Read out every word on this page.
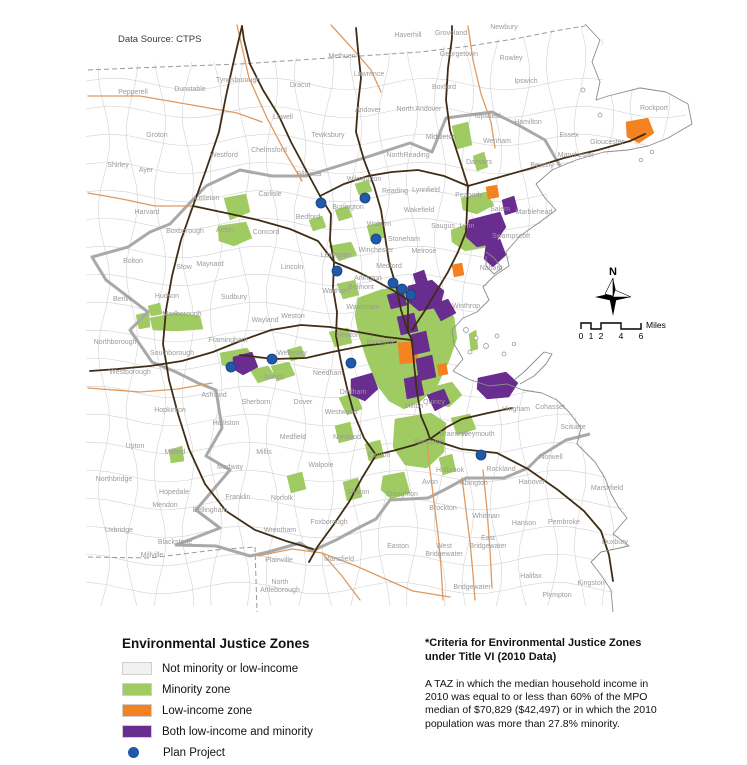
Pepperell	Dunstable
Tyngsborough
Dracut
Lowell
Groton
Westford
Chelmsford
Shirley
Ayer
Harvard
Littleton
Boxborough Acton
Carlisle
Concord
Bedford
Billerica
Tewksbury
Wilmington
Burlington
Woburn
Reading
NorthReading
Lynnfield
Wakefield
Stoneham
Winchester	Melrose
Medford
Methuen
Haverhill
Lawrence
Andover North Andover
Boxford
Georgetown
Groveland
Newbury
Rowley
Ipswich
Topsfield
Middleton
Danvers
Wenham
Hamilton
Peabody
Salem Marblehead
Swampscott
Beverly
Manchester
Essex
Gloucester
Rockport
Saugus Lynn
Nahant
Winthrop
Bolton
Stow Maynard	Lincoln
Lexington
Arlington
Belmont
Waltham
Watertown
Berlin	Hudson	Sudbury
Wayland
Weston
Marlborough
Northborough
Southborough
Westborough
Framingham
Natick
Wellesley
Newton
Brookline
Needham
Dedham
Dover
Sherborn
Ashland
Hopkinton
Holliston
Milford
Upton
Northbridge
Mendon
Hopedale
Uxbridge
Millville
Blackstone
Bellingham
Medway
Millis
Medfield
Franklin	Norfolk
Wrentham
Plainville
Foxborough
Mansfield
North Attleborough
Easton
Walpole
Norwood
Westwood
Canton
Sharon Stoughton
Milton
Quincy
Randolph
Braintree
Weymouth
Holbrook
Avon	Abington
Rockland
Brockton
Whitman
West Bridgewater
East Bridgewater
Bridgewater
Hanson
Hanover
Norwell
Hingham Cohasset
Scituate
Marshfield
Pembroke
Duxbury
Kingston
Halifax
Plympton
N
0 1 2 4 6
Miles
Data Source: CTPS
Environmental Justice Zones
Not minority or low-income
Minority zone
Low-income zone
Both low-income and minority
Plan Project
*Criteria for Environmental Justice Zones
under Title VI (2010 Data)
A TAZ in which the median household income in 2010 was equal to or less than 60% of the MPO median of $70,829 ($42,497) or in which the 2010 population was more than 27.8% minority.
